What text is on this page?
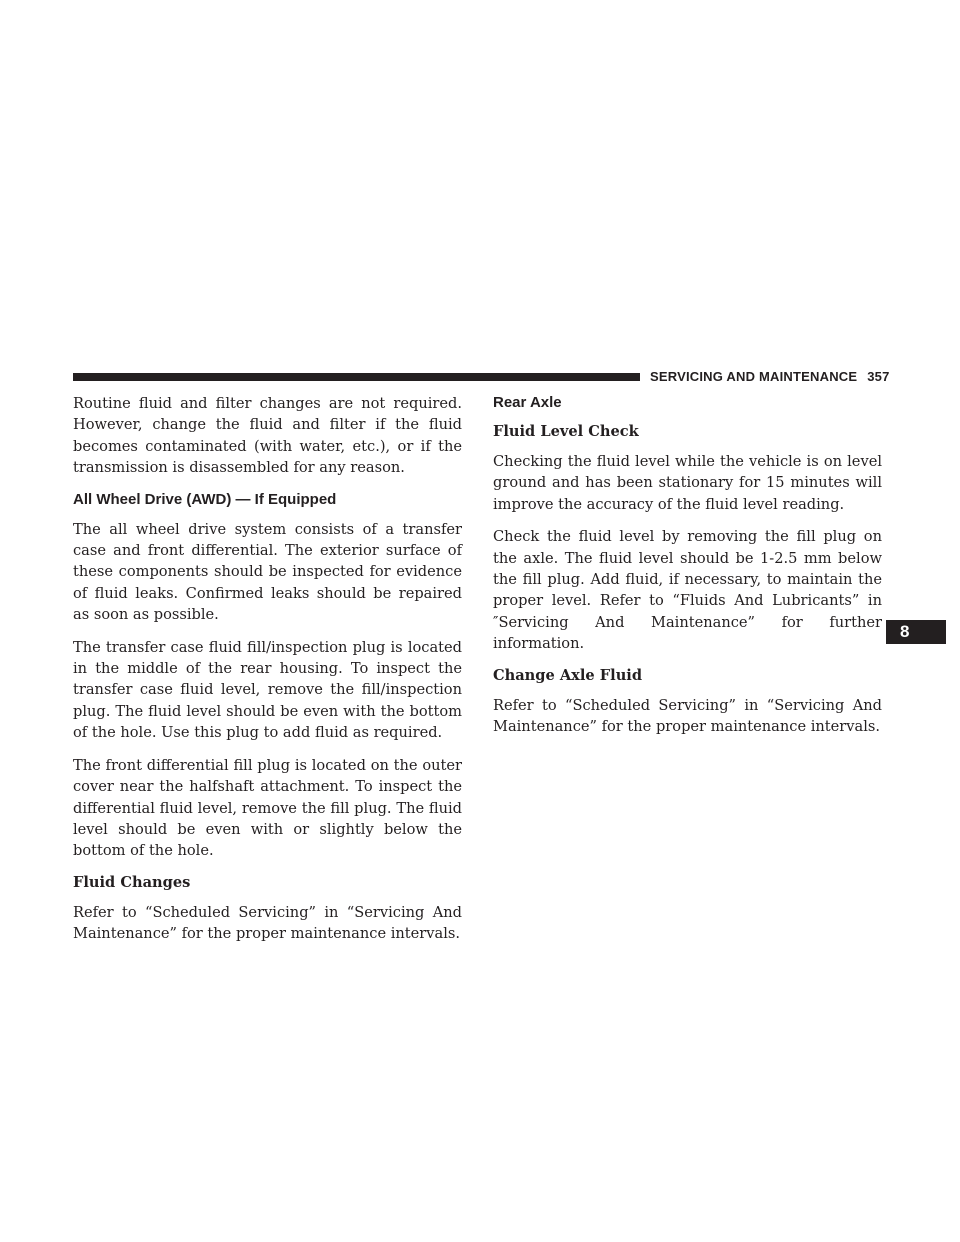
SERVICING AND MAINTENANCE 357

Routine fluid and filter changes are not required. However, change the fluid and filter if the fluid becomes contaminated (with water, etc.), or if the transmission is disassembled for any reason.

All Wheel Drive (AWD) — If Equipped

The all wheel drive system consists of a transfer case and front differential. The exterior surface of these components should be inspected for evidence of fluid leaks. Confirmed leaks should be repaired as soon as possible.

The transfer case fluid fill/inspection plug is located in the middle of the rear housing. To inspect the transfer case fluid level, remove the fill/inspection plug. The fluid level should be even with the bottom of the hole. Use this plug to add fluid as required.

The front differential fill plug is located on the outer cover near the halfshaft attachment. To inspect the differential fluid level, remove the fill plug. The fluid level should be even with or slightly below the bottom of the hole.

Fluid Changes

Refer to “Scheduled Servicing” in “Servicing And Maintenance” for the proper maintenance intervals.

Rear Axle
Fluid Level Check

Checking the fluid level while the vehicle is on level ground and has been stationary for 15 minutes will improve the accuracy of the fluid level reading.

Check the fluid level by removing the fill plug on the axle. The fluid level should be 1-2.5 mm below the fill plug. Add fluid, if necessary, to maintain the proper level. Refer to “Fluids And Lubricants” in ″Servicing And Maintenance” for further information.

Change Axle Fluid

Refer to “Scheduled Servicing” in “Servicing And Maintenance” for the proper maintenance intervals.

8
